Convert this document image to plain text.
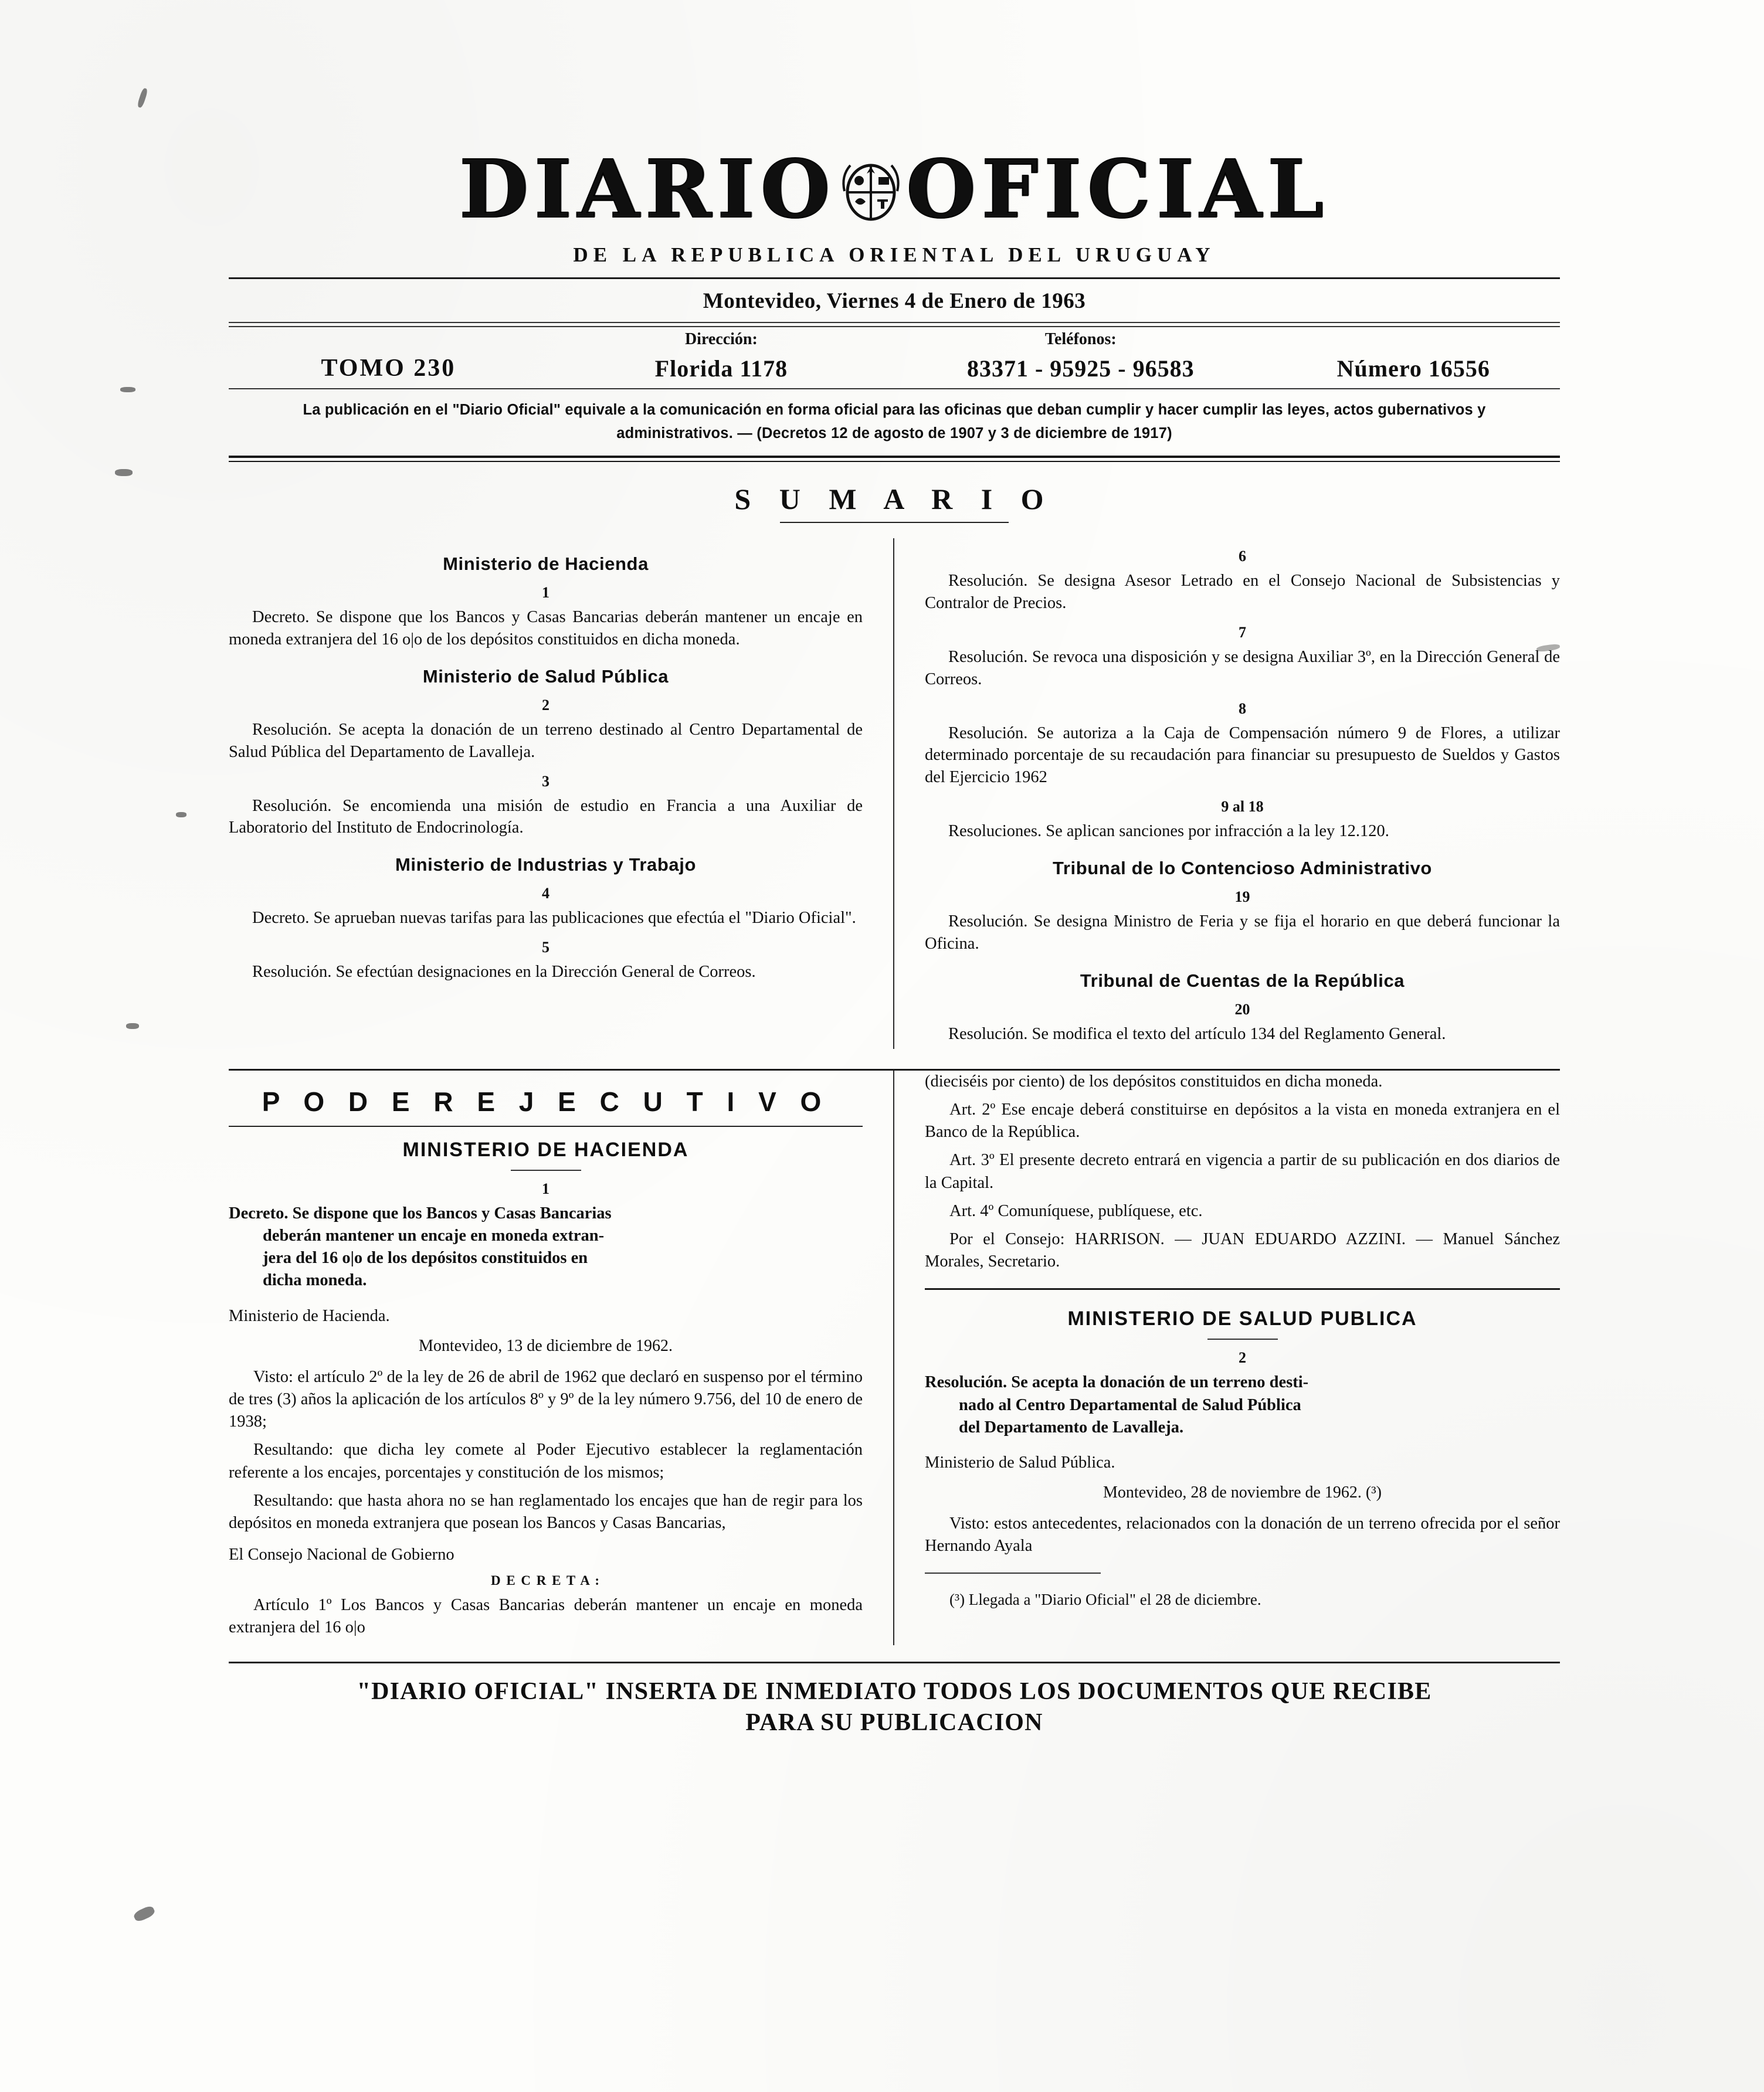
DIARIO OFICIAL
DE LA REPUBLICA ORIENTAL DEL URUGUAY
Montevideo, Viernes 4 de Enero de 1963
TOMO 230
Dirección:
Florida 1178
Teléfonos:
83371 - 95925 - 96583	Número 16556
La publicación en el "Diario Oficial" equivale a la comunicación en forma oficial para las oficinas que deban cumplir y hacer cumplir las leyes, actos gubernativos y administrativos. — (Decretos 12 de agosto de 1907 y 3 de diciembre de 1917)
S U M A R I O
Ministerio de Hacienda
1

Decreto. Se dispone que los Bancos y Casas Bancarias deberán mantener un encaje en moneda extranjera del 16 o|o de los depósitos constituidos en dicha moneda.

Ministerio de Salud Pública
2

Resolución. Se acepta la donación de un terreno destinado al Centro Departamental de Salud Pública del Departamento de Lavalleja.

3

Resolución. Se encomienda una misión de estudio en Francia a una Auxiliar de Laboratorio del Instituto de Endocrinología.

Ministerio de Industrias y Trabajo
4

Decreto. Se aprueban nuevas tarifas para las publicaciones que efectúa el "Diario Oficial".

5

Resolución. Se efectúan designaciones en la Dirección General de Correos.

6

Resolución. Se designa Asesor Letrado en el Consejo Nacional de Subsistencias y Contralor de Precios.

7

Resolución. Se revoca una disposición y se designa Auxiliar 3º, en la Dirección General de Correos.

8

Resolución. Se autoriza a la Caja de Compensación número 9 de Flores, a utilizar determinado porcentaje de su recaudación para financiar su presupuesto de Sueldos y Gastos del Ejercicio 1962

9 al 18

Resoluciones. Se aplican sanciones por infracción a la ley 12.120.

Tribunal de lo Contencioso Administrativo
19

Resolución. Se designa Ministro de Feria y se fija el horario en que deberá funcionar la Oficina.

Tribunal de Cuentas de la República
20

Resolución. Se modifica el texto del artículo 134 del Reglamento General.

P O D E R E J E C U T I V O
MINISTERIO DE HACIENDA
1
Decreto. Se dispone que los Bancos y Casas Bancarias
deberán mantener un encaje en moneda extran-
jera del 16 o|o de los depósitos constituidos en
dicha moneda.

Ministerio de Hacienda.

Montevideo, 13 de diciembre de 1962.

Visto: el artículo 2º de la ley de 26 de abril de 1962 que declaró en suspenso por el término de tres (3) años la aplicación de los artículos 8º y 9º de la ley número 9.756, del 10 de enero de 1938;

Resultando: que dicha ley comete al Poder Ejecutivo establecer la reglamentación referente a los encajes, porcentajes y constitución de los mismos;

Resultando: que hasta ahora no se han reglamentado los encajes que han de regir para los depósitos en moneda extranjera que posean los Bancos y Casas Bancarias,

El Consejo Nacional de Gobierno

D E C R E T A :

Artículo 1º Los Bancos y Casas Bancarias deberán mantener un encaje en moneda extranjera del 16 o|o

(dieciséis por ciento) de los depósitos constituidos en dicha moneda.

Art. 2º Ese encaje deberá constituirse en depósitos a la vista en moneda extranjera en el Banco de la República.

Art. 3º El presente decreto entrará en vigencia a partir de su publicación en dos diarios de la Capital.

Art. 4º Comuníquese, publíquese, etc.

Por el Consejo: HARRISON. — JUAN EDUARDO AZZINI. — Manuel Sánchez Morales, Secretario.

MINISTERIO DE SALUD PUBLICA
2
Resolución. Se acepta la donación de un terreno desti-
nado al Centro Departamental de Salud Pública
del Departamento de Lavalleja.

Ministerio de Salud Pública.

Montevideo, 28 de noviembre de 1962. (³)

Visto: estos antecedentes, relacionados con la donación de un terreno ofrecida por el señor Hernando Ayala

(³) Llegada a "Diario Oficial" el 28 de diciembre.

"DIARIO OFICIAL" INSERTA DE INMEDIATO TODOS LOS DOCUMENTOS QUE RECIBE
PARA SU PUBLICACION
